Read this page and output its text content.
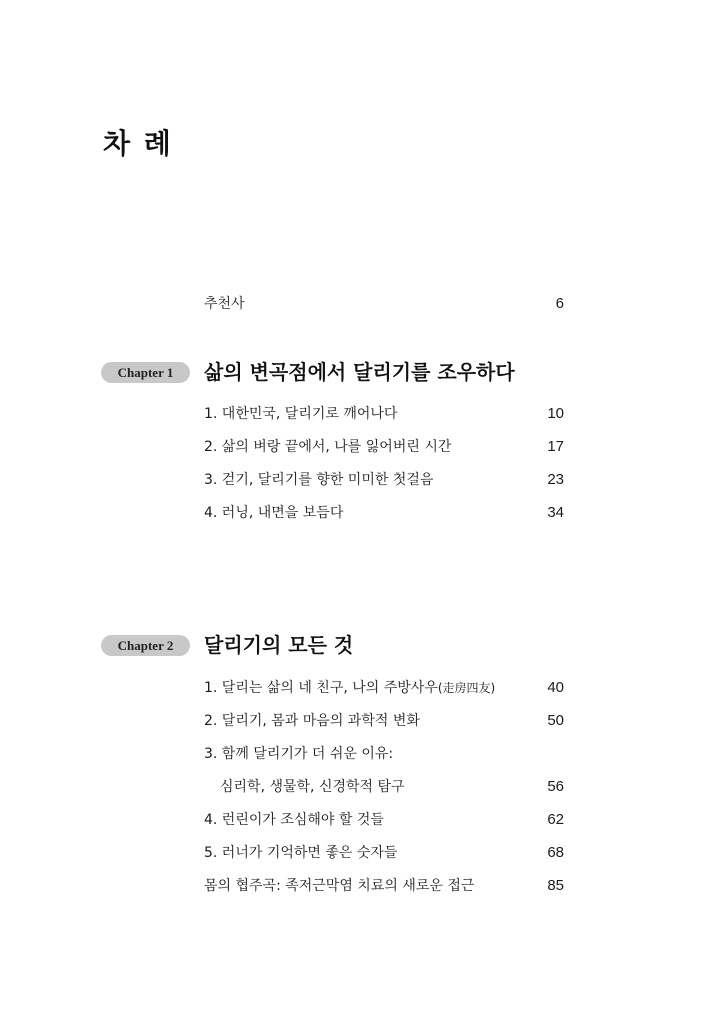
차 례
추천사	6
Chapter 1	삶의 변곡점에서 달리기를 조우하다
1. 대한민국, 달리기로 깨어나다	10
2. 삶의 벼랑 끝에서, 나를 잃어버린 시간	17
3. 걷기, 달리기를 향한 미미한 첫걸음	23
4. 러닝, 내면을 보듬다	34
Chapter 2	달리기의 모든 것
1. 달리는 삶의 네 친구, 나의 주방사우(走房四友)	40
2. 달리기, 몸과 마음의 과학적 변화	50
3. 함께 달리기가 더 쉬운 이유:
심리학, 생물학, 신경학적 탐구	56
4. 런린이가 조심해야 할 것들	62
5. 러너가 기억하면 좋은 숫자들	68
몸의 협주곡: 족저근막염 치료의 새로운 접근	85
